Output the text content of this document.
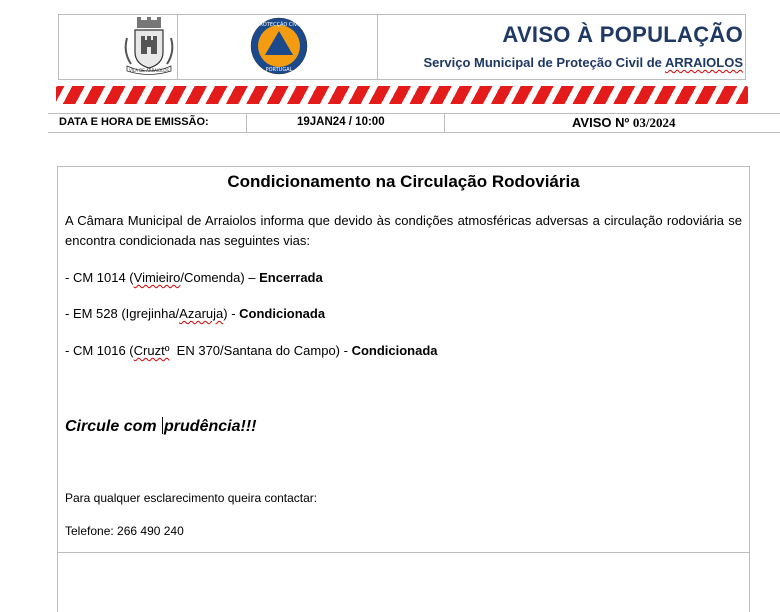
VILA DE ARRAIOLOS
PROTECÇÃO CIVIL
PORTUGAL
AVISO À POPULAÇÃO
Serviço Municipal de Proteção Civil de ARRAIOLOS
DATA E HORA DE EMISSÃO:	19JAN24 / 10:00	AVISO Nº 03/2024
Condicionamento na Circulação Rodoviária
A Câmara Municipal de Arraiolos informa que devido às condições atmosféricas adversas a circulação rodoviária se encontra condicionada nas seguintes vias:
- CM 1014 (Vimieiro/Comenda) – Encerrada
- EM 528 (Igrejinha/Azaruja) - Condicionada
- CM 1016 (Cruztº  EN 370/Santana do Campo) - Condicionada
Circule com prudência!!!
Para qualquer esclarecimento queira contactar:
Telefone: 266 490 240
